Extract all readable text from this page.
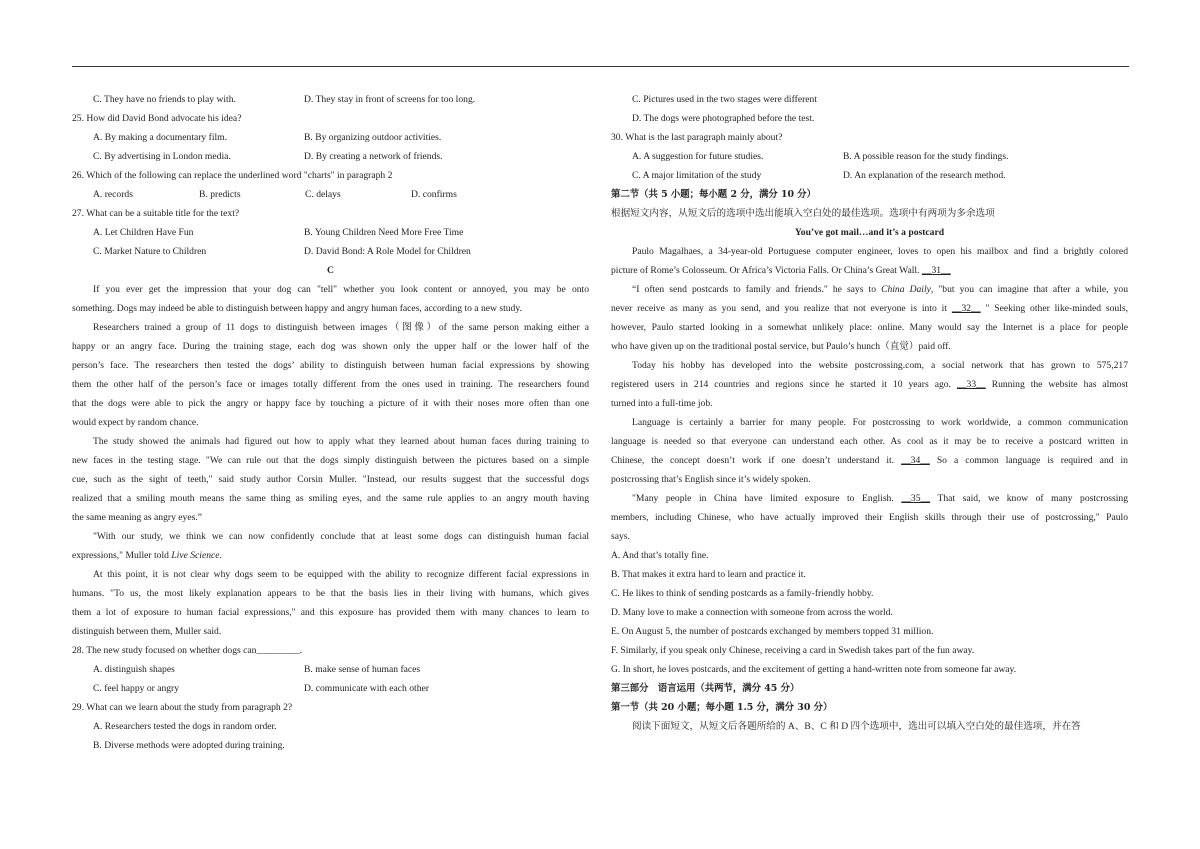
C. They have no friends to play with.	D. They stay in front of screens for too long.
25. How did David Bond advocate his idea?
A. By making a documentary film.	B. By organizing outdoor activities.
C. By advertising in London media.	D. By creating a network of friends.
26. Which of the following can replace the underlined word "charts" in paragraph 2
A. records	B. predicts	C. delays	D. confirms
27. What can be a suitable title for the text?
A. Let Children Have Fun	B. Young Children Need More Free Time
C. Market Nature to Children	D. David Bond: A Role Model for Children
C
If you ever get the impression that your dog can "tell" whether you look content or annoyed, you may be onto
something. Dogs may indeed be able to distinguish between happy and angry human faces, according to a new study.
Researchers trained a group of 11 dogs to distinguish between images（图像）of the same person making either a
happy or an angry face. During the training stage, each dog was shown only the upper half or the lower half of the
person’s face. The researchers then tested the dogs’ ability to distinguish between human facial expressions by showing
them the other half of the person’s face or images totally different from the ones used in training. The researchers found
that the dogs were able to pick the angry or happy face by touching a picture of it with their noses more often than one
would expect by random chance.
The study showed the animals had figured out how to apply what they learned about human faces during training to
new faces in the testing stage. "We can rule out that the dogs simply distinguish between the pictures based on a simple
cue, such as the sight of teeth," said study author Corsin Muller. "Instead, our results suggest that the successful dogs
realized that a smiling mouth means the same thing as smiling eyes, and the same rule applies to an angry mouth having
the same meaning as angry eyes.”
"With our study, we think we can now confidently conclude that at least some dogs can distinguish human facial
expressions," Muller told Live Science.
At this point, it is not clear why dogs seem to be equipped with the ability to recognize different facial expressions in
humans. "To us, the most likely explanation appears to be that the basis lies in their living with humans, which gives
them a lot of exposure to human facial expressions," and this exposure has provided them with many chances to learn to
distinguish between them, Muller said.
28. The new study focused on whether dogs can_________.
A. distinguish shapes	B. make sense of human faces
C. feel happy or angry	D. communicate with each other
29. What can we learn about the study from paragraph 2?
A. Researchers tested the dogs in random order.
B. Diverse methods were adopted during training.
C. Pictures used in the two stages were different
D. The dogs were photographed before the test.
30. What is the last paragraph mainly about?
A. A suggestion for future studies.	B. A possible reason for the study findings.
C. A major limitation of the study	D. An explanation of the research method.
第二节（共 5 小题；每小题 2 分，满分 10 分）
根据短文内容，从短文后的选项中选出能填入空白处的最佳选项。选项中有两项为多余选项
You’ve got mail…and it’s a postcard
Paulo Magalhaes, a 34-year-old Portuguese computer engineer, loves to open his mailbox and find a brightly colored
picture of Rome’s Colosseum. Or Africa’s Victoria Falls. Or China’s Great Wall. __31__
“I often send postcards to family and friends." he says to China Daily, "but you can imagine that after a while, you
never receive as many as you send, and you realize that not everyone is into it __32__ " Seeking other like-minded souls,
however, Paulo started looking in a somewhat unlikely place: online. Many would say the Internet is a place for people
who have given up on the traditional postal service, but Paulo’s hunch（直觉）paid off.
Today his hobby has developed into the website postcrossing.com, a social network that has grown to 575,217
registered users in 214 countries and regions since he started it 10 years ago. __33__ Running the website has almost
turned into a full-time job.
Language is certainly a barrier for many people. For postcrossing to work worldwide, a common communication
language is needed so that everyone can understand each other. As cool as it may be to receive a postcard written in
Chinese, the concept doesn’t work if one doesn’t understand it. __34__ So a common language is required and in
postcrossing that’s English since it’s widely spoken.
"Many people in China have limited exposure to English. __35__ That said, we know of many postcrossing
members, including Chinese, who have actually improved their English skills through their use of postcrossing," Paulo
says.
A. And that’s totally fine.
B. That makes it extra hard to learn and practice it.
C. He likes to think of sending postcards as a family-friendly hobby.
D. Many love to make a connection with someone from across the world.
E. On August 5, the number of postcards exchanged by members topped 31 million.
F. Similarly, if you speak only Chinese, receiving a card in Swedish takes part of the fun away.
G. In short, he loves postcards, and the excitement of getting a hand-written note from someone far away.
第三部分　语言运用（共两节，满分 45 分）
第一节（共 20 小题；每小题 1.5 分，满分 30 分）
阅读下面短文，从短文后各题所给的 A、B、C 和 D 四个选项中，选出可以填入空白处的最佳选项，并在答
